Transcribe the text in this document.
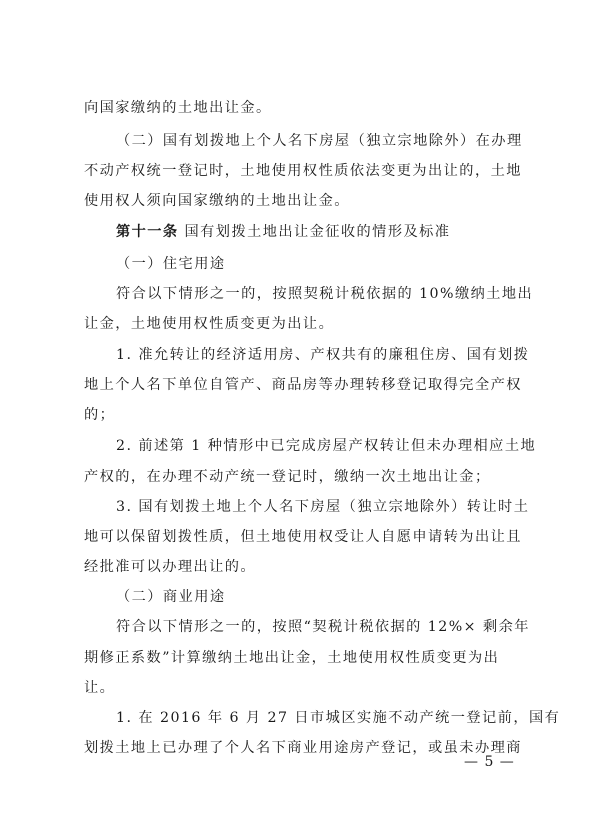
向国家缴纳的土地出让金。
（二）国有划拨地上个人名下房屋（独立宗地除外）在办理
不动产权统一登记时，土地使用权性质依法变更为出让的，土地
使用权人须向国家缴纳的土地出让金。
第十一条 国有划拨土地出让金征收的情形及标准
（一）住宅用途
符合以下情形之一的，按照契税计税依据的 10%缴纳土地出
让金，土地使用权性质变更为出让。
1. 准允转让的经济适用房、产权共有的廉租住房、国有划拨
地上个人名下单位自管产、商品房等办理转移登记取得完全产权
的；
2. 前述第 1 种情形中已完成房屋产权转让但未办理相应土地
产权的，在办理不动产统一登记时，缴纳一次土地出让金；
3. 国有划拨土地上个人名下房屋（独立宗地除外）转让时土
地可以保留划拨性质，但土地使用权受让人自愿申请转为出让且
经批准可以办理出让的。
（二）商业用途
符合以下情形之一的，按照“契税计税依据的 12%× 剩余年
期修正系数”计算缴纳土地出让金，土地使用权性质变更为出
让。
1. 在 2016 年 6 月 27 日市城区实施不动产统一登记前，国有
划拨土地上已办理了个人名下商业用途房产登记，或虽未办理商
— 5 —
